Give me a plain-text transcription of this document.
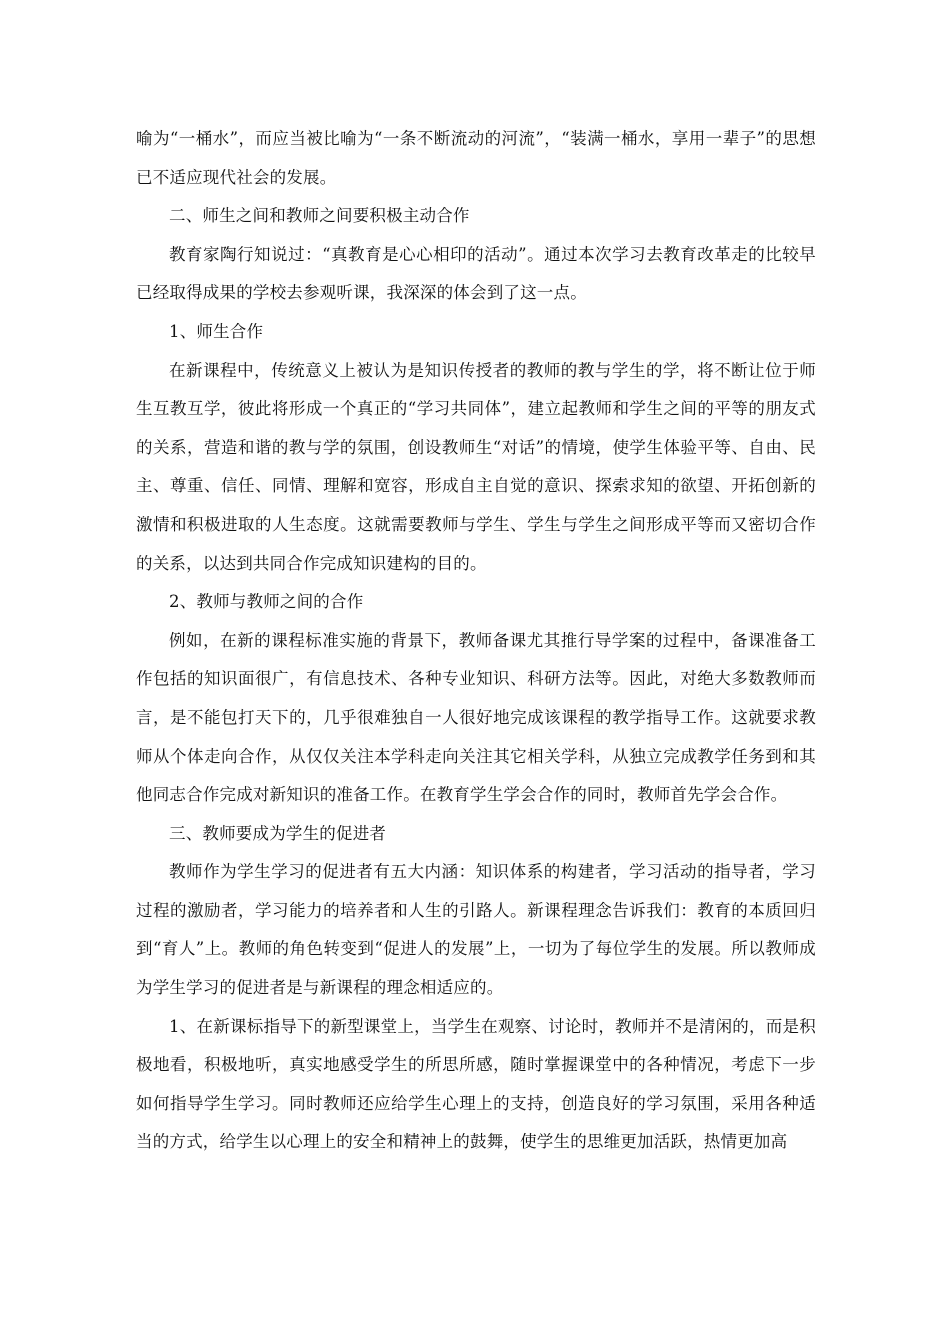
喻为“一桶水”，而应当被比喻为“一条不断流动的河流”，“装满一桶水，享用一辈子”的思想已不适应现代社会的发展。

二、师生之间和教师之间要积极主动合作

教育家陶行知说过：“真教育是心心相印的活动”。通过本次学习去教育改革走的比较早已经取得成果的学校去参观听课，我深深的体会到了这一点。

1、师生合作

在新课程中，传统意义上被认为是知识传授者的教师的教与学生的学，将不断让位于师生互教互学，彼此将形成一个真正的“学习共同体”，建立起教师和学生之间的平等的朋友式的关系，营造和谐的教与学的氛围，创设教师生“对话”的情境，使学生体验平等、自由、民主、尊重、信任、同情、理解和宽容，形成自主自觉的意识、探索求知的欲望、开拓创新的激情和积极进取的人生态度。这就需要教师与学生、学生与学生之间形成平等而又密切合作的关系，以达到共同合作完成知识建构的目的。

2、教师与教师之间的合作

例如，在新的课程标准实施的背景下，教师备课尤其推行导学案的过程中，备课准备工作包括的知识面很广，有信息技术、各种专业知识、科研方法等。因此，对绝大多数教师而言，是不能包打天下的，几乎很难独自一人很好地完成该课程的教学指导工作。这就要求教师从个体走向合作，从仅仅关注本学科走向关注其它相关学科，从独立完成教学任务到和其他同志合作完成对新知识的准备工作。在教育学生学会合作的同时，教师首先学会合作。

三、教师要成为学生的促进者

教师作为学生学习的促进者有五大内涵：知识体系的构建者，学习活动的指导者，学习过程的激励者，学习能力的培养者和人生的引路人。新课程理念告诉我们：教育的本质回归到“育人”上。教师的角色转变到“促进人的发展”上，一切为了每位学生的发展。所以教师成为学生学习的促进者是与新课程的理念相适应的。

1、在新课标指导下的新型课堂上，当学生在观察、讨论时，教师并不是清闲的，而是积极地看，积极地听，真实地感受学生的所思所感，随时掌握课堂中的各种情况，考虑下一步如何指导学生学习。同时教师还应给学生心理上的支持，创造良好的学习氛围，采用各种适当的方式，给学生以心理上的安全和精神上的鼓舞，使学生的思维更加活跃，热情更加高
